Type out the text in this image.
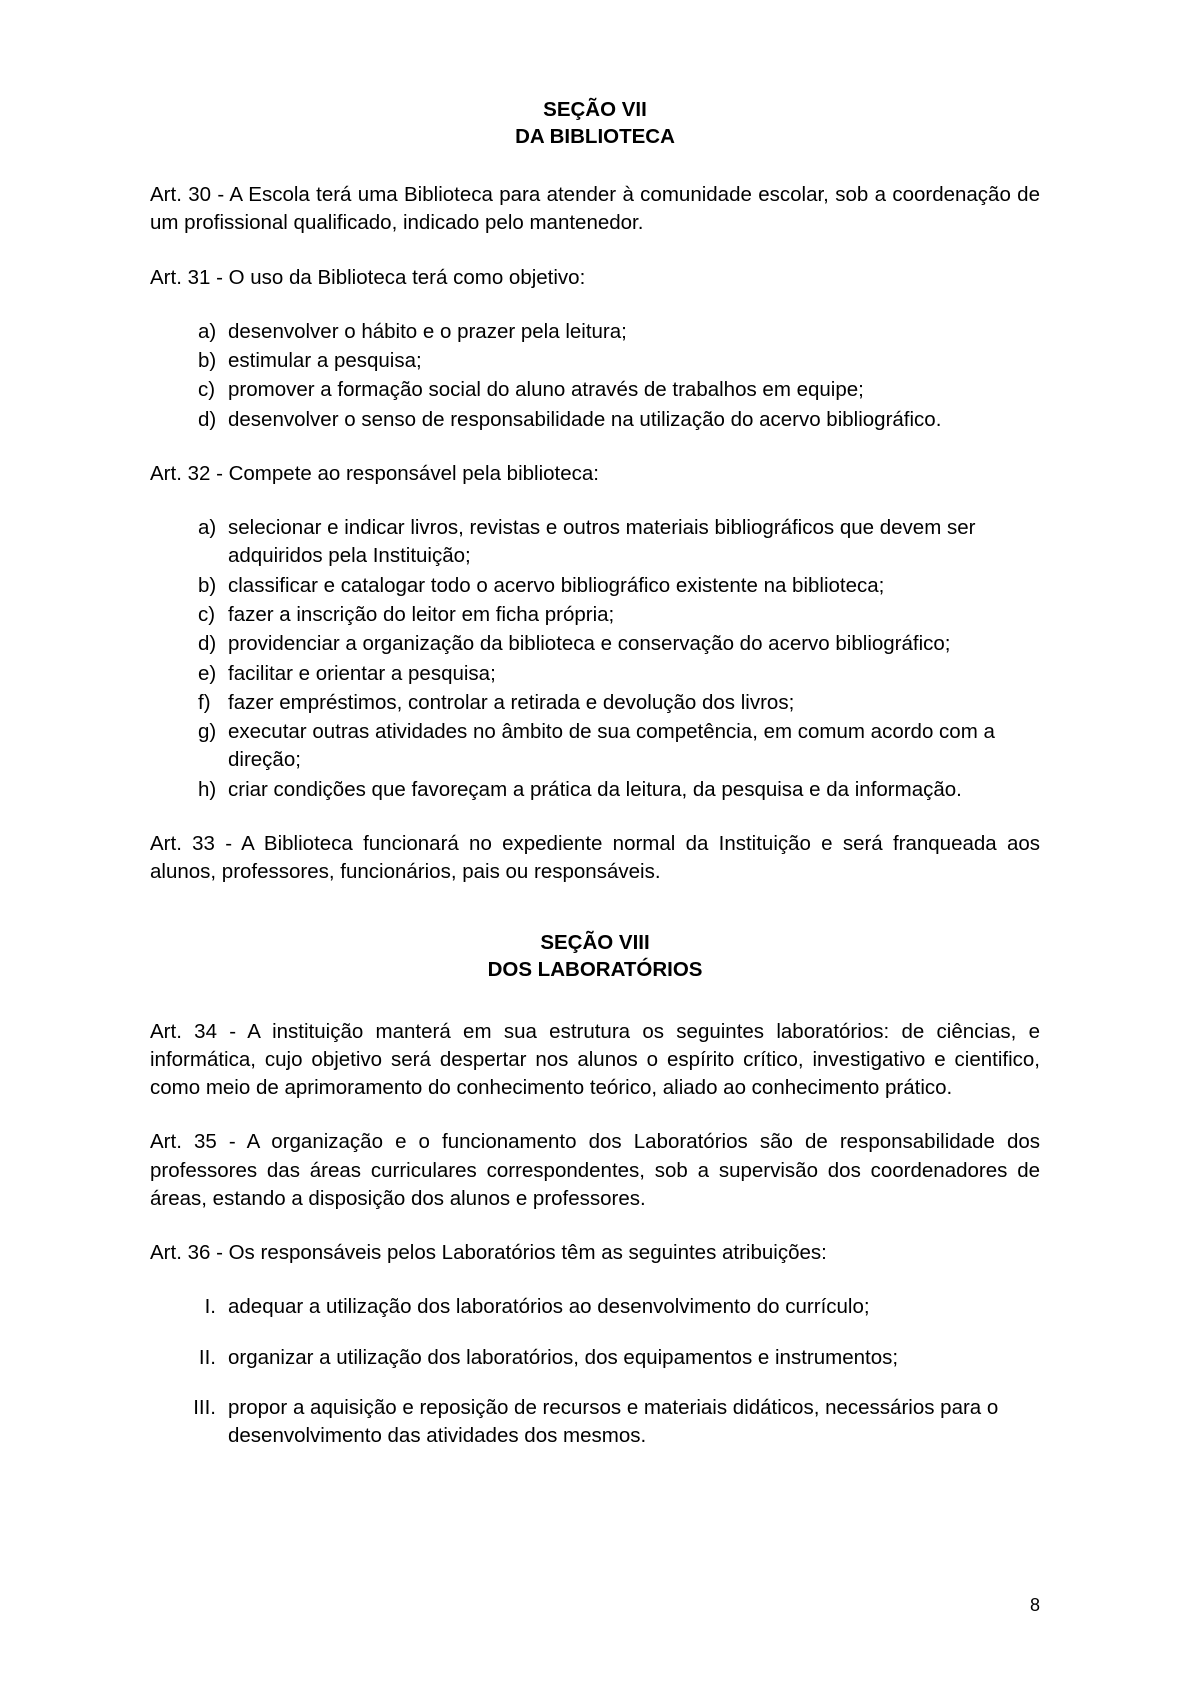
SEÇÃO VII
DA BIBLIOTECA

Art. 30 - A Escola terá uma Biblioteca para atender à comunidade escolar, sob a coordenação de um profissional qualificado, indicado pelo mantenedor.

Art. 31 - O uso da Biblioteca terá como objetivo:

desenvolver o hábito e o prazer pela leitura;
estimular a pesquisa;
promover a formação social do aluno através de trabalhos em equipe;
desenvolver o senso de responsabilidade na utilização do acervo bibliográfico.

Art. 32 - Compete ao responsável pela biblioteca:

selecionar e indicar livros, revistas e outros materiais bibliográficos que devem ser adquiridos pela Instituição;
classificar e catalogar todo o acervo bibliográfico existente na biblioteca;
fazer a inscrição do leitor em ficha própria;
providenciar a organização da biblioteca e conservação do acervo bibliográfico;
facilitar e orientar a pesquisa;
fazer empréstimos, controlar a retirada e devolução dos livros;
executar outras atividades no âmbito de sua competência, em comum acordo com a direção;
criar condições que favoreçam a prática da leitura, da pesquisa e da informação.

Art. 33 - A Biblioteca funcionará no expediente normal da Instituição e será franqueada aos alunos, professores, funcionários, pais ou responsáveis.

SEÇÃO VIII
DOS LABORATÓRIOS

Art. 34 - A instituição manterá em sua estrutura os seguintes laboratórios: de ciências, e informática, cujo objetivo será despertar nos alunos o espírito crítico, investigativo e cientifico, como meio de aprimoramento do conhecimento teórico, aliado ao conhecimento prático.

Art. 35 - A organização e o funcionamento dos Laboratórios são de responsabilidade dos professores das áreas curriculares correspondentes, sob a supervisão dos coordenadores de áreas, estando a disposição dos alunos e professores.

Art. 36 - Os responsáveis pelos Laboratórios têm as seguintes atribuições:

adequar a utilização dos laboratórios ao desenvolvimento do currículo;
organizar a utilização dos laboratórios, dos equipamentos e instrumentos;
propor a aquisição e reposição de recursos e materiais didáticos, necessários para o desenvolvimento das atividades dos mesmos.
8
